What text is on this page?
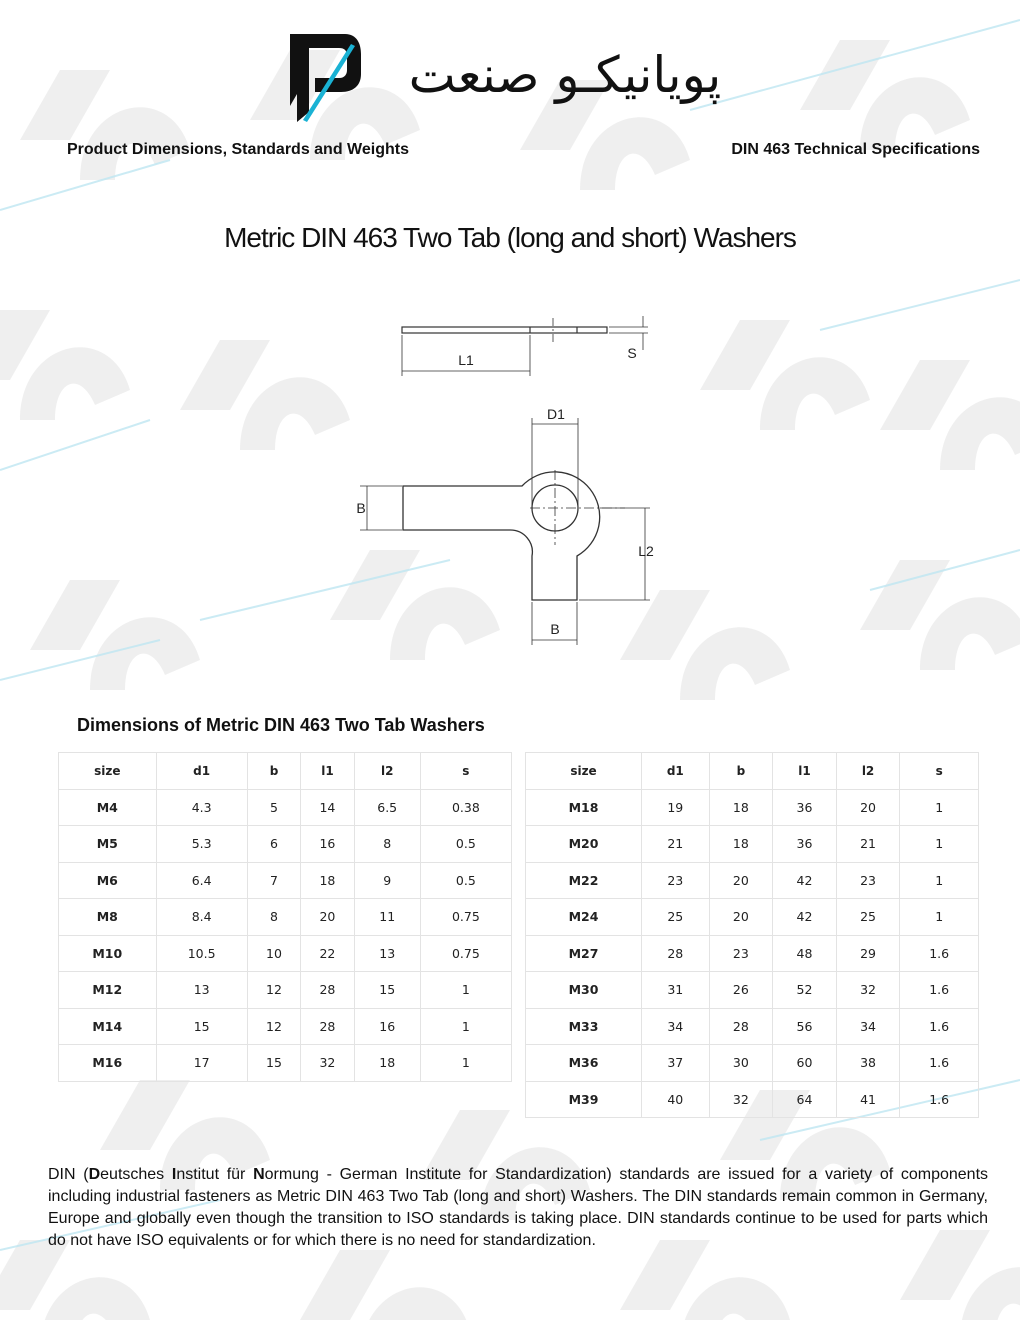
پویانیکـو صنعت
Product Dimensions, Standards and Weights	DIN 463 Technical Specifications
Metric DIN 463 Two Tab (long and short) Washers
L1	S
D1
B
L2
B
Dimensions of Metric DIN 463 Two Tab Washers
size	d1	b	l1	l2	s
M4	4.3	5	14	6.5	0.38
M5	5.3	6	16	8	0.5
M6	6.4	7	18	9	0.5
M8	8.4	8	20	11	0.75
M10	10.5	10	22	13	0.75
M12	13	12	28	15	1
M14	15	12	28	16	1
M16	17	15	32	18	1
size	d1	b	l1	l2	s
M18	19	18	36	20	1
M20	21	18	36	21	1
M22	23	20	42	23	1
M24	25	20	42	25	1
M27	28	23	48	29	1.6
M30	31	26	52	32	1.6
M33	34	28	56	34	1.6
M36	37	30	60	38	1.6
M39	40	32	64	41	1.6
DIN (Deutsches Institut für Normung - German Institute for Standardization) standards are issued for a variety of components including industrial fasteners as Metric DIN 463 Two Tab (long and short) Washers. The DIN standards remain common in Germany, Europe and globally even though the transition to ISO standards is taking place. DIN standards continue to be used for parts which do not have ISO equivalents or for which there is no need for standardization.
